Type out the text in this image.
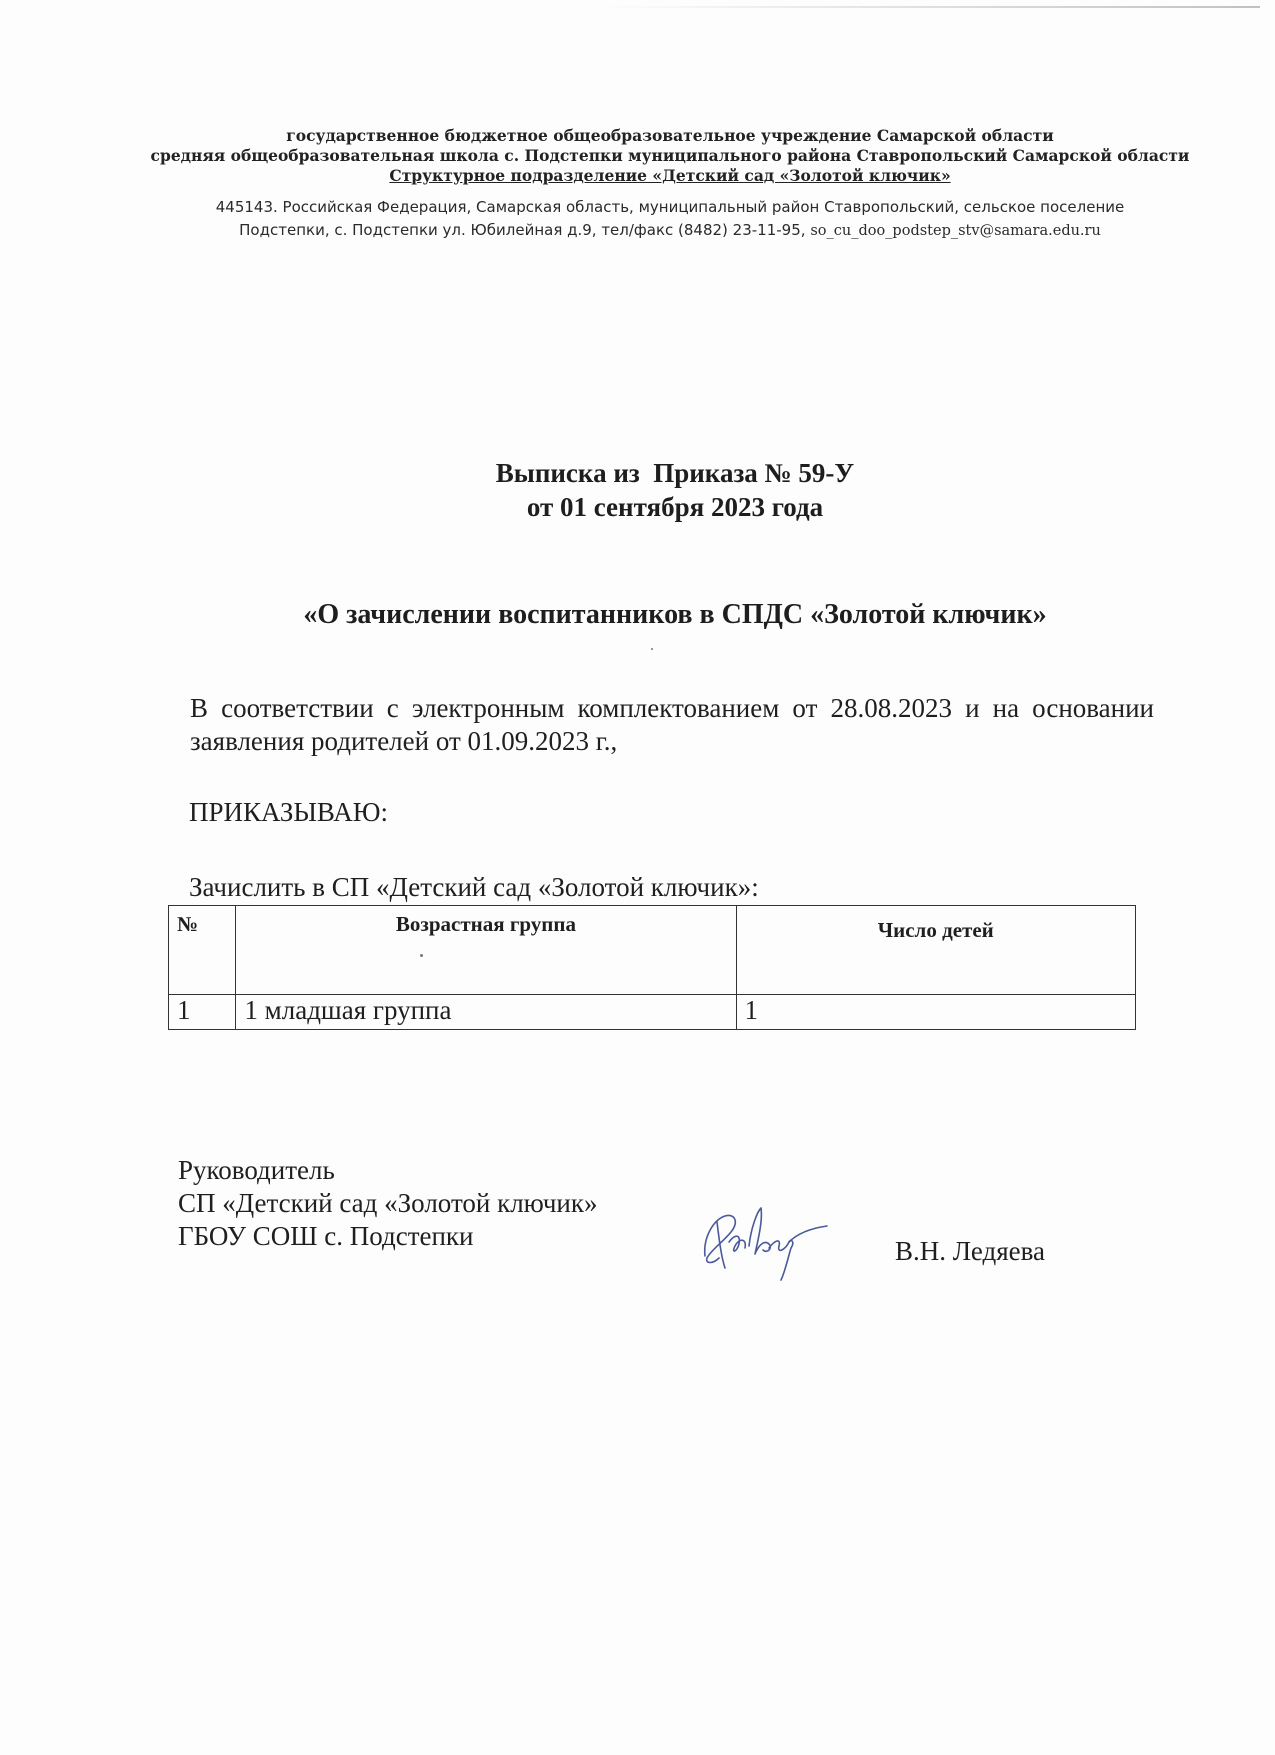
государственное бюджетное общеобразовательное учреждение Самарской области
средняя общеобразовательная школа с. Подстепки муниципального района Ставропольский Самарской области
Структурное подразделение «Детский сад «Золотой ключик»
445143. Российская Федерация, Самарская область, муниципальный район Ставропольский, сельское поселение
Подстепки, с. Подстепки ул. Юбилейная д.9, тел/факс (8482) 23-11-95, so_cu_doo_podstep_stv@samara.edu.ru
Выписка из  Приказа № 59-У
от 01 сентября 2023 года
«О зачислении воспитанников в СПДС «Золотой ключик»
В соответствии с электронным комплектованием от 28.08.2023 и на основании заявления родителей от 01.09.2023 г.,
ПРИКАЗЫВАЮ:
Зачислить в СП «Детский сад «Золотой ключик»:
№	Возрастная группа	Число детей
1	1 младшая группа	1
Руководитель
СП «Детский сад «Золотой ключик»
ГБОУ СОШ с. Подстепки	В.Н. Ледяева
